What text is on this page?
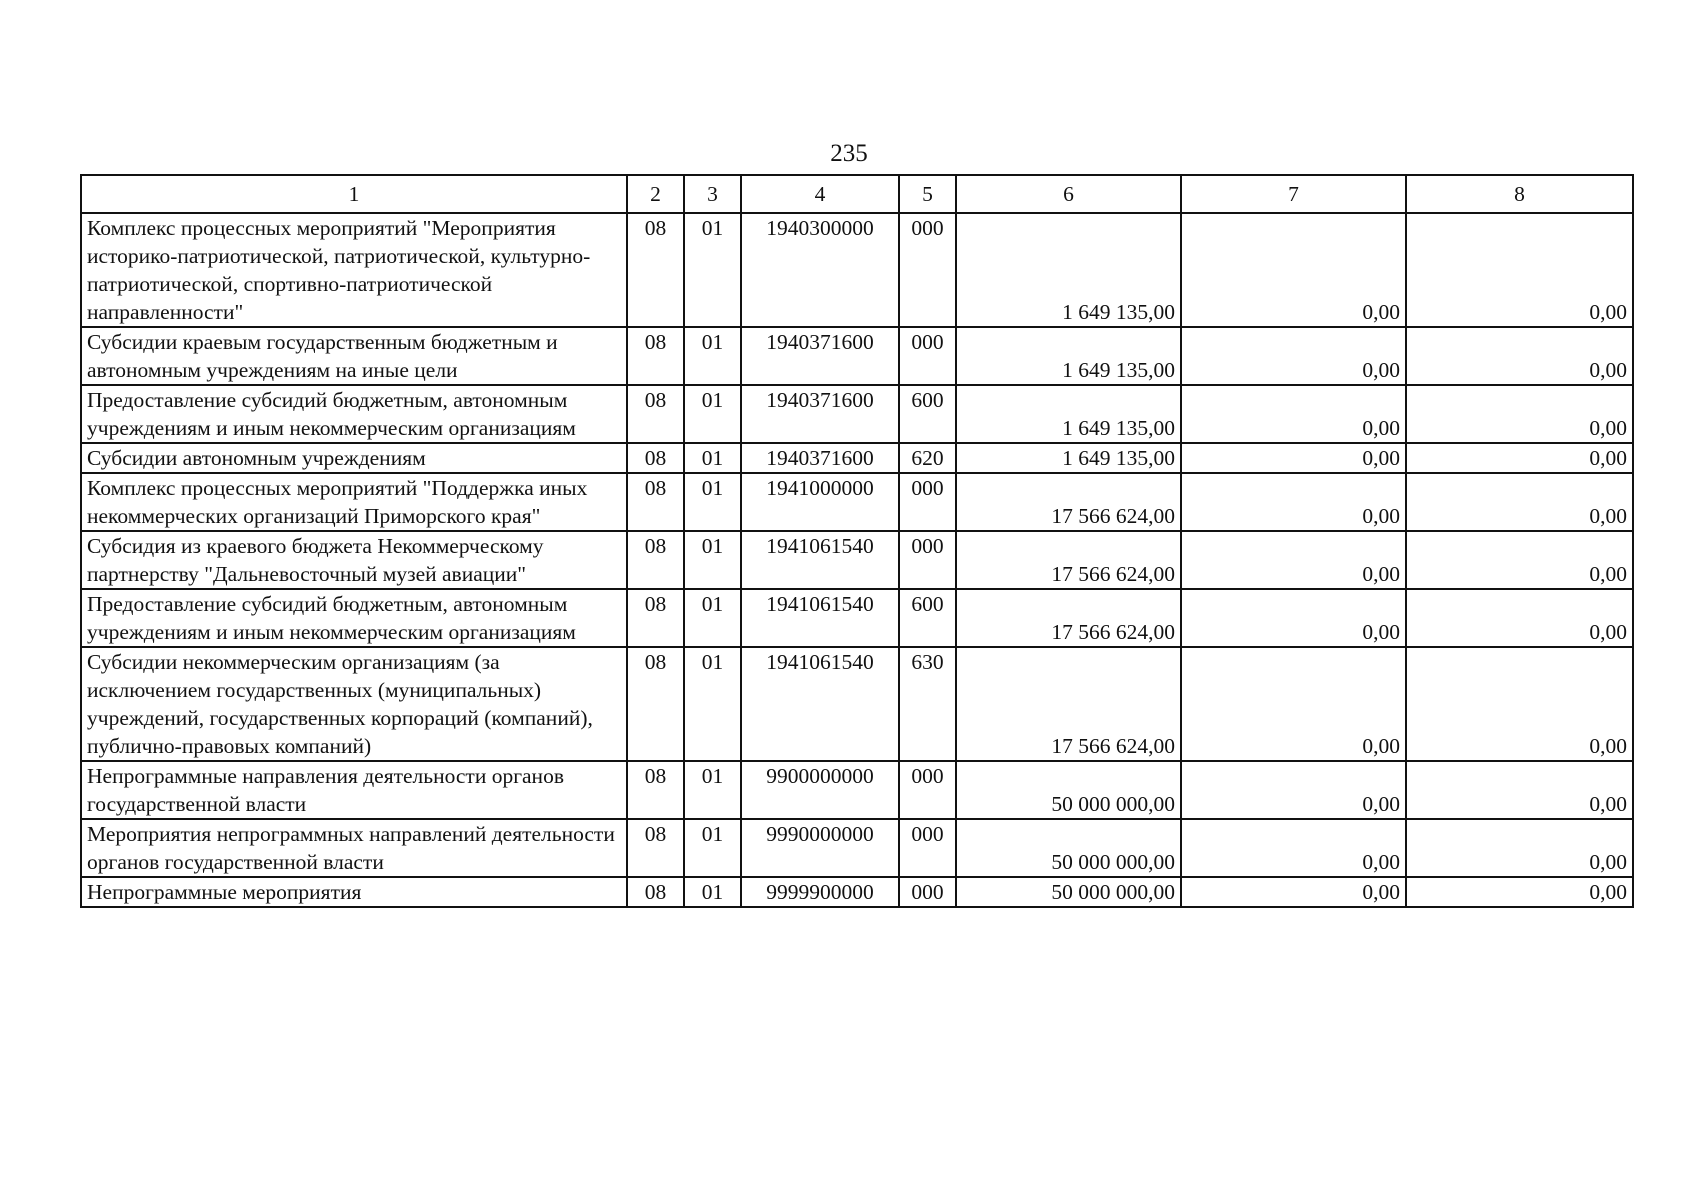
235
1	2	3	4	5	6	7	8
Комплекс процессных мероприятий "Мероприятия историко-патриотической, патриотической, культурно-патриотической, спортивно-патриотической направленности"	08	01	1940300000	000	1 649 135,00	0,00	0,00
Субсидии краевым государственным бюджетным и автономным учреждениям на иные цели	08	01	1940371600	000	1 649 135,00	0,00	0,00
Предоставление субсидий бюджетным, автономным учреждениям и иным некоммерческим организациям	08	01	1940371600	600	1 649 135,00	0,00	0,00
Субсидии автономным учреждениям	08	01	1940371600	620	1 649 135,00	0,00	0,00
Комплекс процессных мероприятий "Поддержка иных некоммерческих организаций Приморского края"	08	01	1941000000	000	17 566 624,00	0,00	0,00
Субсидия из краевого бюджета Некоммерческому партнерству "Дальневосточный музей авиации"	08	01	1941061540	000	17 566 624,00	0,00	0,00
Предоставление субсидий бюджетным, автономным учреждениям и иным некоммерческим организациям	08	01	1941061540	600	17 566 624,00	0,00	0,00
Субсидии некоммерческим организациям (за исключением государственных (муниципальных) учреждений, государственных корпораций (компаний), публично-правовых компаний)	08	01	1941061540	630	17 566 624,00	0,00	0,00
Непрограммные направления деятельности органов государственной власти	08	01	9900000000	000	50 000 000,00	0,00	0,00
Мероприятия непрограммных направлений деятельности органов государственной власти	08	01	9990000000	000	50 000 000,00	0,00	0,00
Непрограммные мероприятия	08	01	9999900000	000	50 000 000,00	0,00	0,00
